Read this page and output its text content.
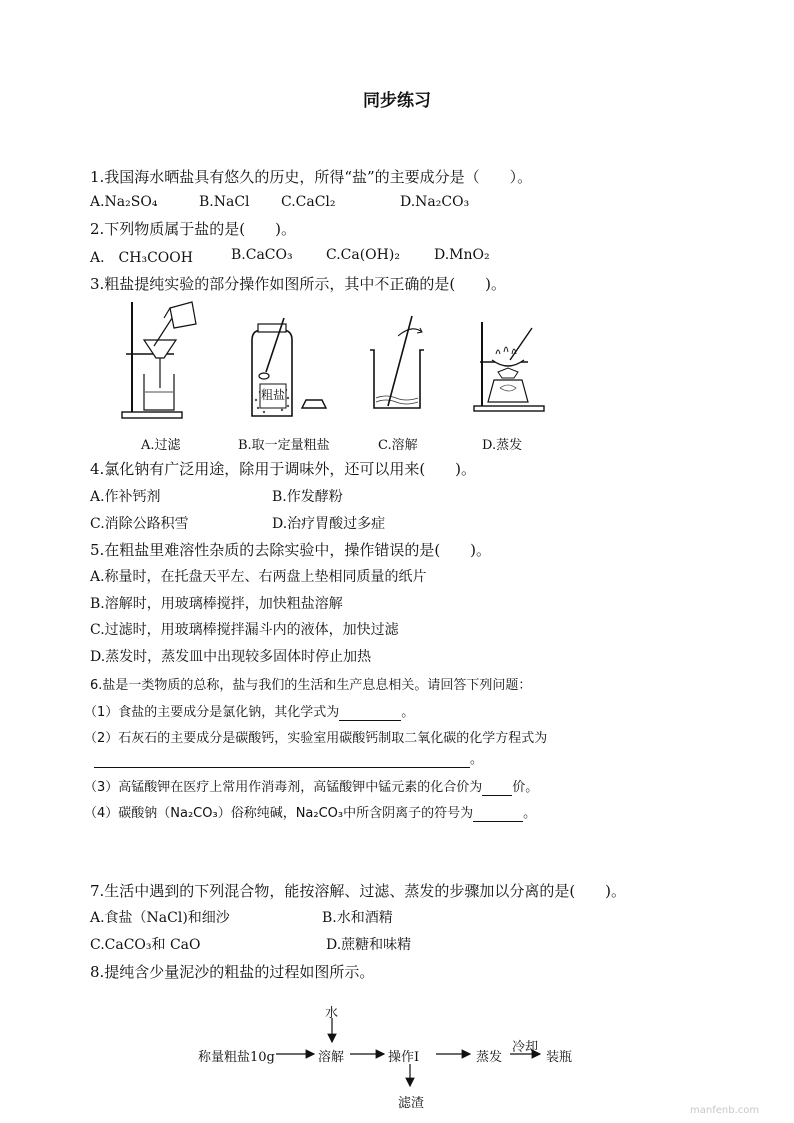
同步练习
1.我国海水晒盐具有悠久的历史，所得“盐”的主要成分是（　　）。
A.Na₂SO₄	B.NaCl C.CaCl₂	D.Na₂CO₃
2.下列物质属于盐的是(　　)。
A.　CH₃COOH	B.CaCO₃ C.Ca(OH)₂ D.MnO₂
3.粗盐提纯实验的部分操作如图所示，其中不正确的是(　　)。
粗盐
A.过滤	B.取一定量粗盐	C.溶解	D.蒸发
4.氯化钠有广泛用途，除用于调味外，还可以用来(　　)。
A.作补钙剂	B.作发酵粉
C.消除公路积雪	D.治疗胃酸过多症
5.在粗盐里难溶性杂质的去除实验中，操作错误的是(　　)。
A.称量时，在托盘天平左、右两盘上垫相同质量的纸片
B.溶解时，用玻璃棒搅拌，加快粗盐溶解
C.过滤时，用玻璃棒搅拌漏斗内的液体，加快过滤
D.蒸发时，蒸发皿中出现较多固体时停止加热
6.盐是一类物质的总称，盐与我们的生活和生产息息相关。请回答下列问题：
（1）食盐的主要成分是氯化钠，其化学式为	。
（2）石灰石的主要成分是碳酸钙，实验室用碳酸钙制取二氧化碳的化学方程式为
。
（3）高锰酸钾在医疗上常用作消毒剂，高锰酸钾中锰元素的化合价为 价。
（4）碳酸钠（Na₂CO₃）俗称纯碱，Na₂CO₃中所含阴离子的符号为	。
7.生活中遇到的下列混合物，能按溶解、过滤、蒸发的步骤加以分离的是(　　)。
A.食盐（NaCl)和细沙	B.水和酒精
C.CaCO₃和 CaO	D.蔗糖和味精
8.提纯含少量泥沙的粗盐的过程如图所示。
水
称量粗盐10g	溶解	操作I	蒸发
冷却
装瓶
滤渣	manfenb.com
